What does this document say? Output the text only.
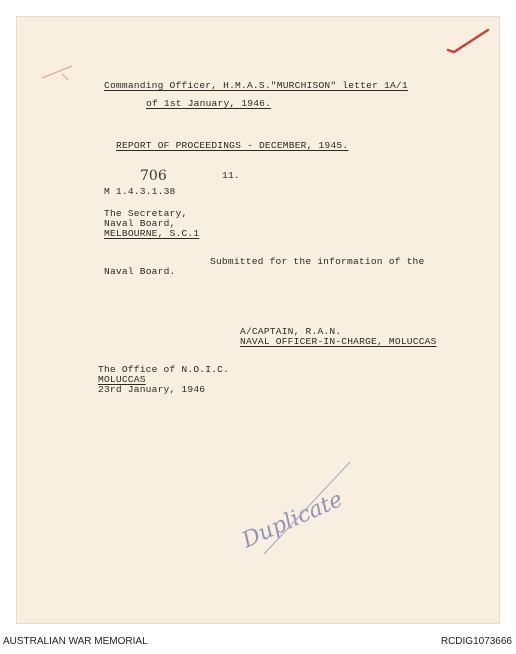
Commanding Officer, H.M.A.S."MURCHISON" letter 1A/1
of 1st January, 1946.
REPORT OF PROCEEDINGS - DECEMBER, 1945.
706	11.
M 1.4.3.1.38
The Secretary,
Naval Board,
MELBOURNE, S.C.1
Submitted for the information of the
Naval Board.
A/CAPTAIN, R.A.N.
NAVAL OFFICER-IN-CHARGE, MOLUCCAS
The Office of N.O.I.C.
MOLUCCAS
23rd January, 1946
Duplicate
AUSTRALIAN WAR MEMORIAL	RCDIG1073666
